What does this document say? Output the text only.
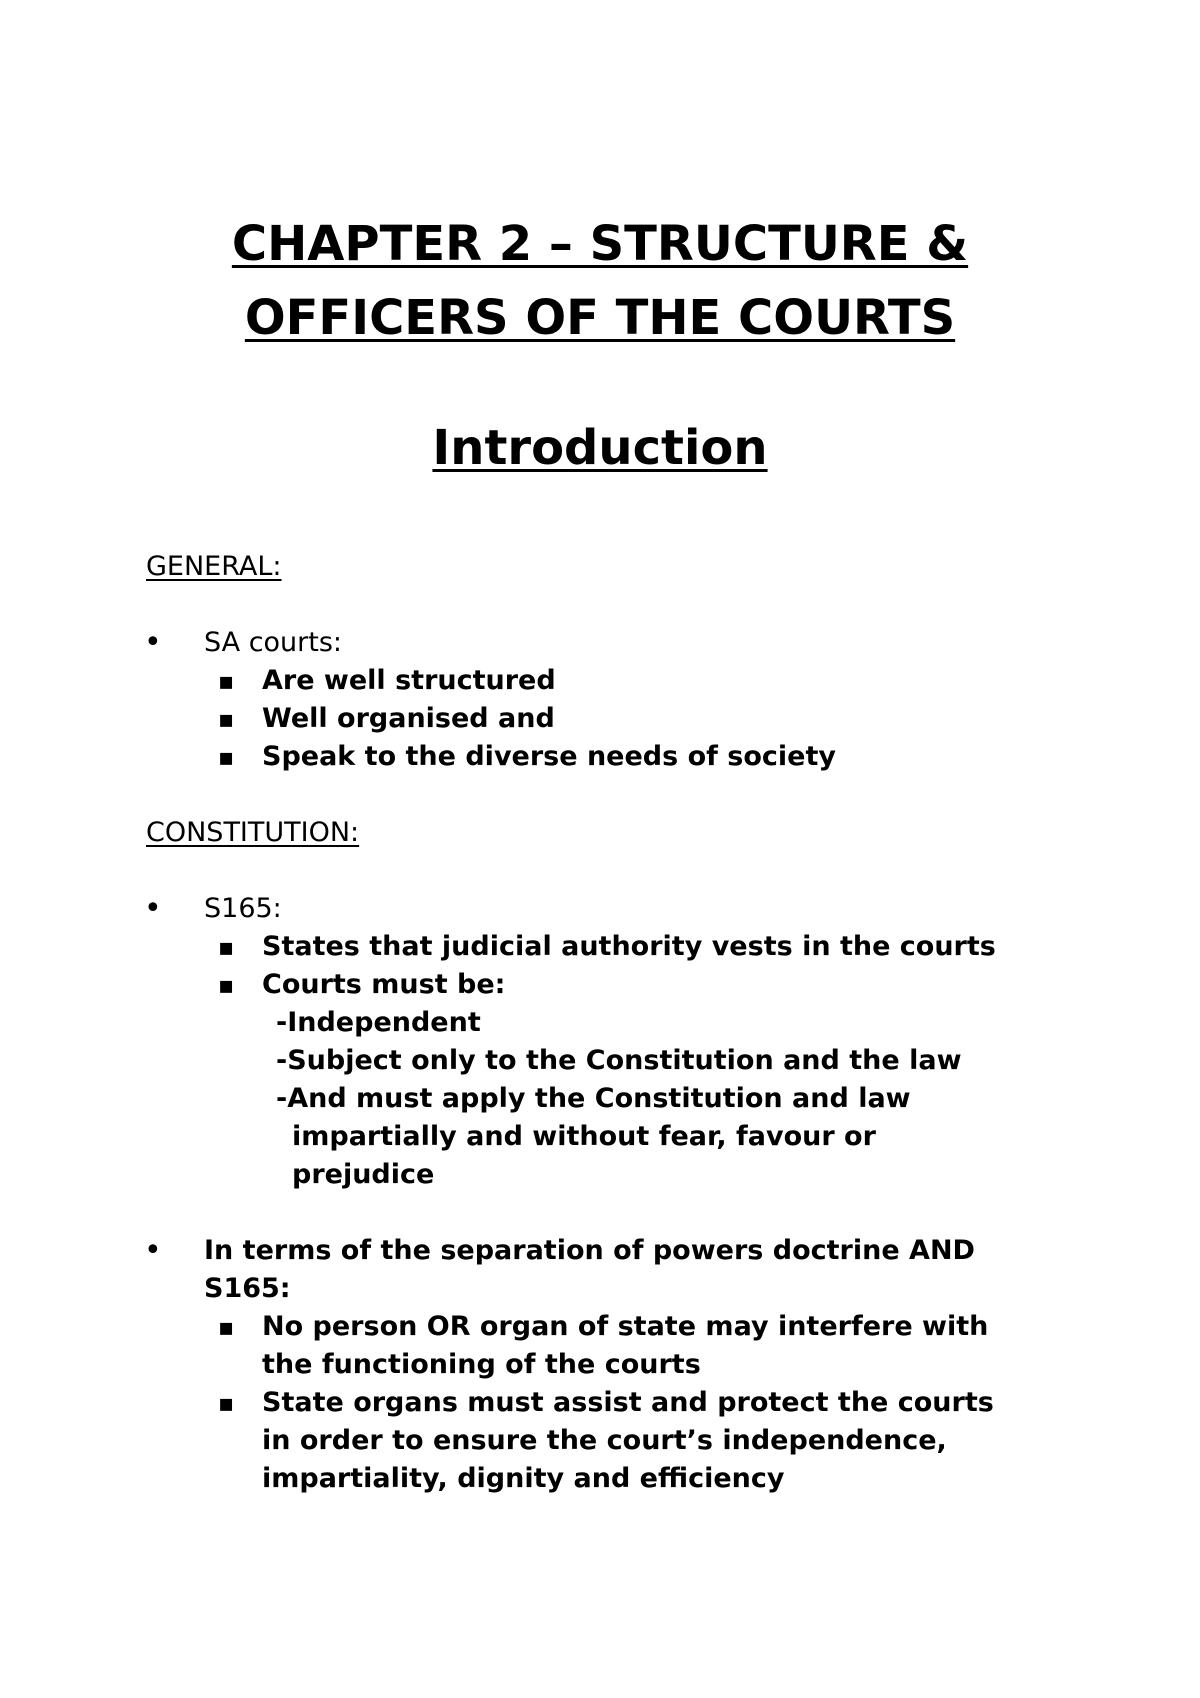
CHAPTER 2 – STRUCTURE &
OFFICERS OF THE COURTS
Introduction
GENERAL:
• SA courts:
▪ Are well structured
▪ Well organised and
▪ Speak to the diverse needs of society
CONSTITUTION:
• S165:
▪ States that judicial authority vests in the courts
▪ Courts must be:
-Independent
-Subject only to the Constitution and the law
-And must apply the Constitution and law
impartially and without fear, favour or
prejudice
• In terms of the separation of powers doctrine AND
S165:
▪ No person OR organ of state may interfere with
the functioning of the courts
▪ State organs must assist and protect the courts
in order to ensure the court’s independence,
impartiality, dignity and efficiency
